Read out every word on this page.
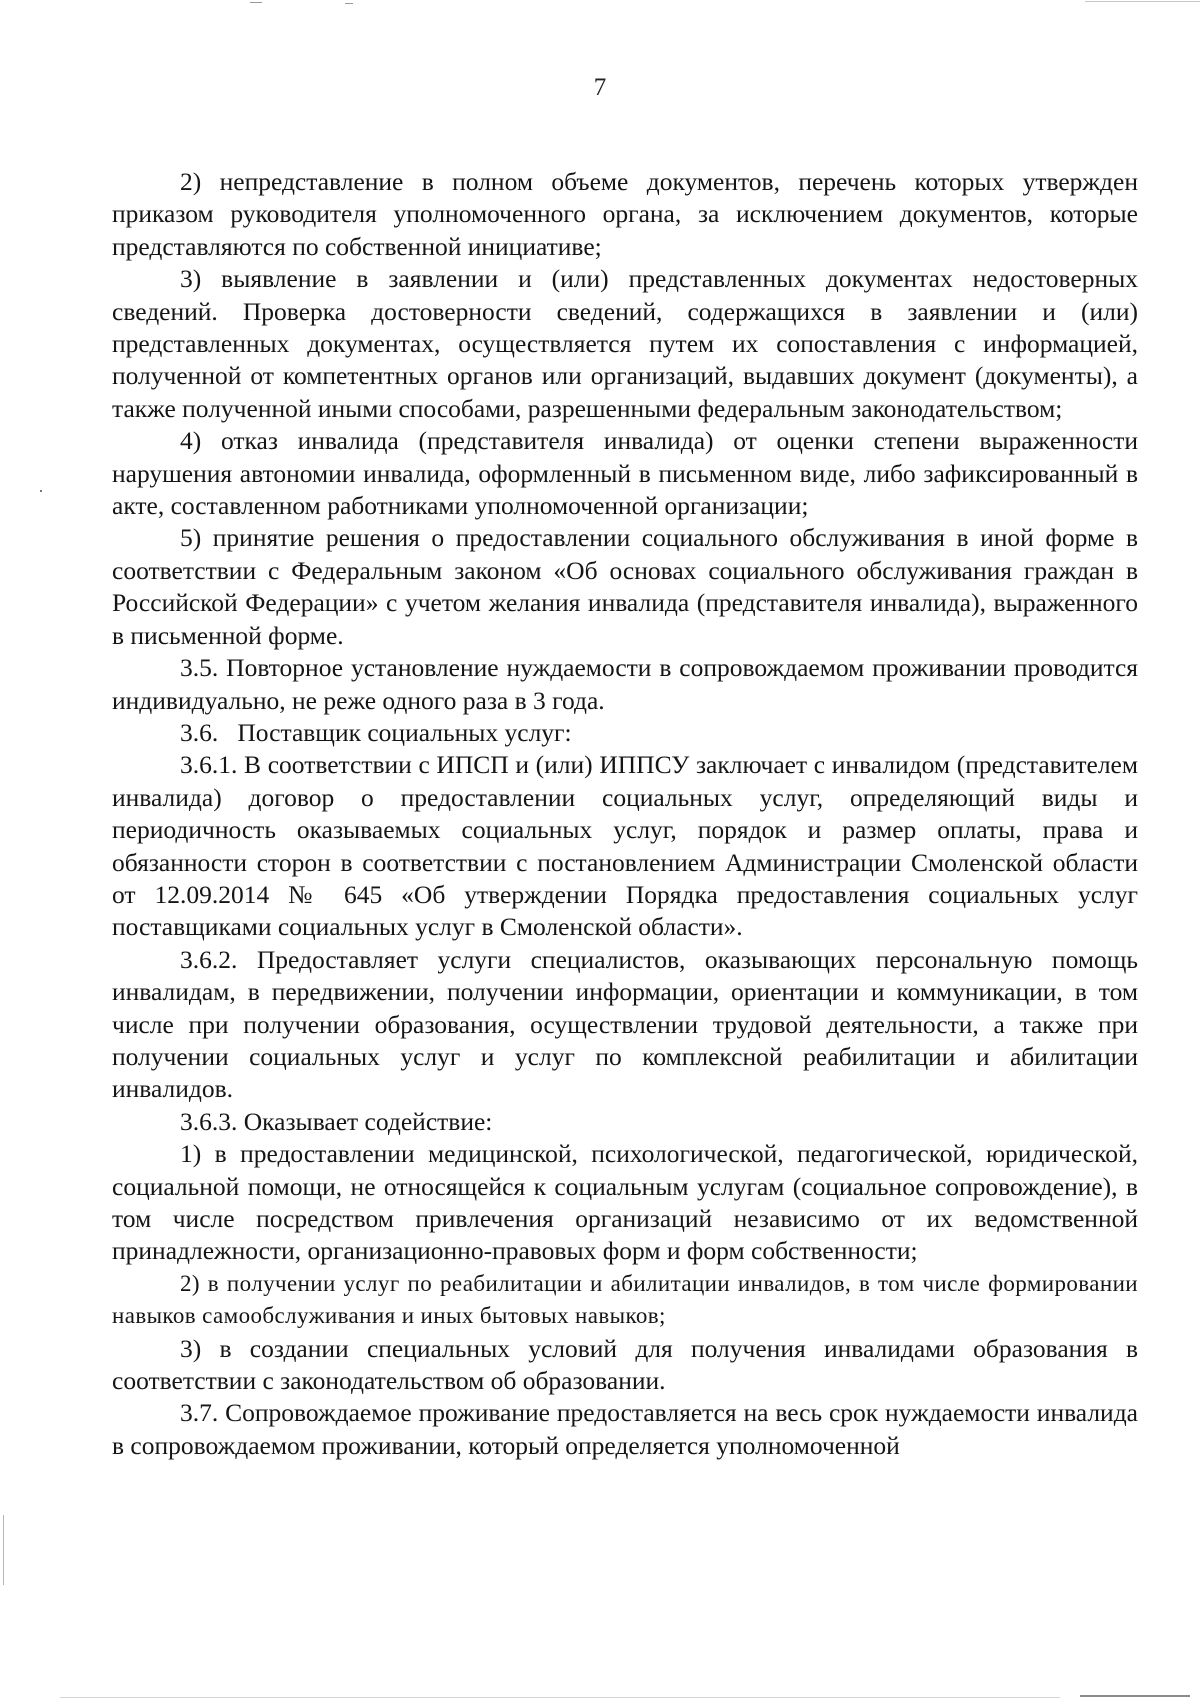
7

2) непредставление в полном объеме документов, перечень которых утвержден приказом руководителя уполномоченного органа, за исключением документов, которые представляются по собственной инициативе;

3) выявление в заявлении и (или) представленных документах недостоверных сведений. Проверка достоверности сведений, содержащихся в заявлении и (или) представленных документах, осуществляется путем их сопоставления с информацией, полученной от компетентных органов или организаций, выдавших документ (документы), а также полученной иными способами, разрешенными федеральным законодательством;

4) отказ инвалида (представителя инвалида) от оценки степени выраженности нарушения автономии инвалида, оформленный в письменном виде, либо зафиксированный в акте, составленном работниками уполномоченной организации;

5) принятие решения о предоставлении социального обслуживания в иной форме в соответствии с Федеральным законом «Об основах социального обслуживания граждан в Российской Федерации» с учетом желания инвалида (представителя инвалида), выраженного в письменной форме.

3.5. Повторное установление нуждаемости в сопровождаемом проживании проводится индивидуально, не реже одного раза в 3 года.

3.6.   Поставщик социальных услуг:

3.6.1. В соответствии с ИПСП и (или) ИППСУ заключает с инвалидом (представителем инвалида) договор о предоставлении социальных услуг, определяющий виды и периодичность оказываемых социальных услуг, порядок и размер оплаты, права и обязанности сторон в соответствии с постановлением Администрации Смоленской области от 12.09.2014 № 645 «Об утверждении Порядка предоставления социальных услуг поставщиками социальных услуг в Смоленской области».

3.6.2. Предоставляет услуги специалистов, оказывающих персональную помощь инвалидам, в передвижении, получении информации, ориентации и коммуникации, в том числе при получении образования, осуществлении трудовой деятельности, а также при получении социальных услуг и услуг по комплексной реабилитации и абилитации инвалидов.

3.6.3. Оказывает содействие:

1) в предоставлении медицинской, психологической, педагогической, юридической, социальной помощи, не относящейся к социальным услугам (социальное сопровождение), в том числе посредством привлечения организаций независимо от их ведомственной принадлежности, организационно-правовых форм и форм собственности;

2) в получении услуг по реабилитации и абилитации инвалидов, в том числе формировании навыков самообслуживания и иных бытовых навыков;

3) в создании специальных условий для получения инвалидами образования в соответствии с законодательством об образовании.

3.7. Сопровождаемое проживание предоставляется на весь срок нуждаемости инвалида в сопровождаемом проживании, который определяется уполномоченной
